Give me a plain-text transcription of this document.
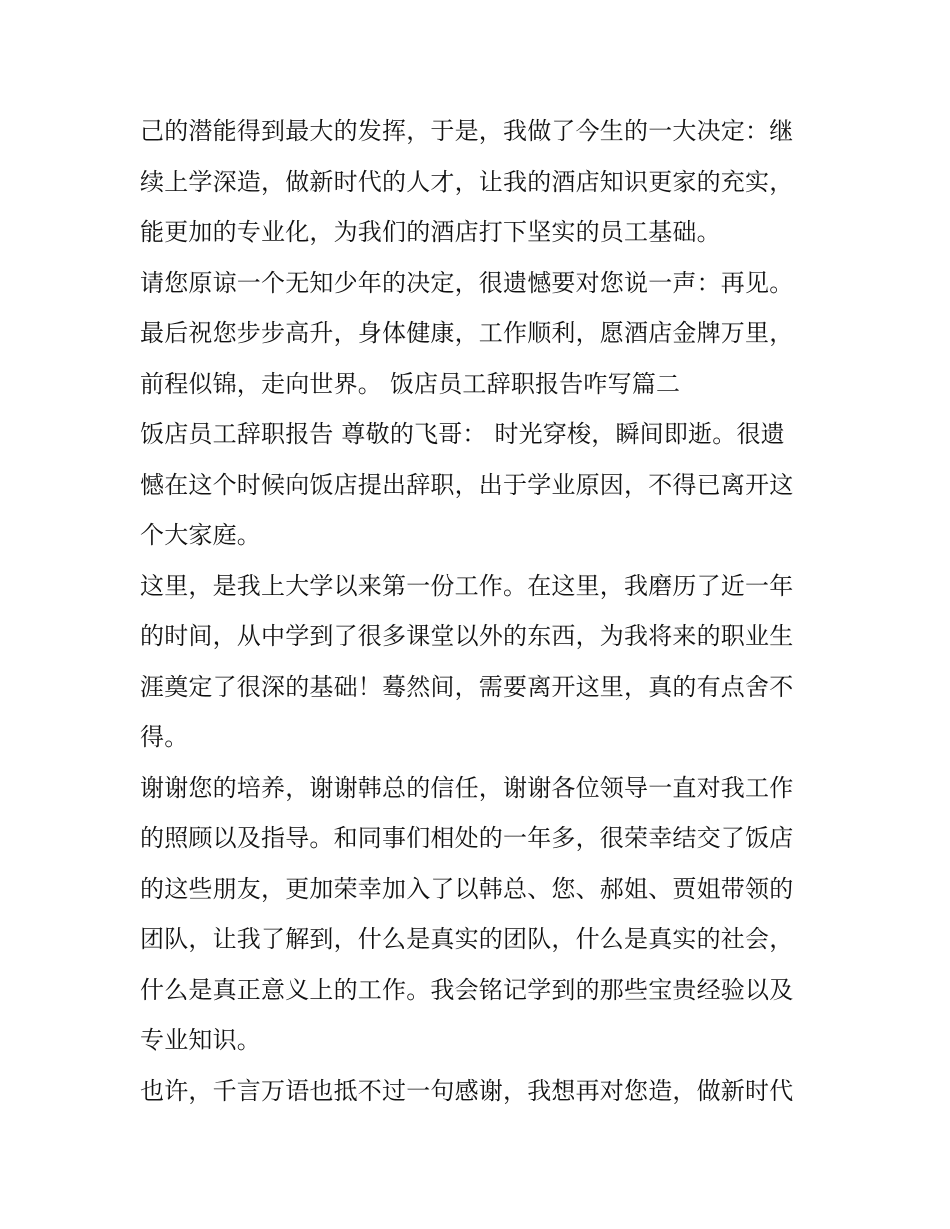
己的潜能得到最大的发挥，于是，我做了今生的一大决定：继
续上学深造，做新时代的人才，让我的酒店知识更家的充实，
能更加的专业化，为我们的酒店打下坚实的员工基础。
请您原谅一个无知少年的决定，很遗憾要对您说一声：再见。
最后祝您步步高升，身体健康，工作顺利，愿酒店金牌万里，
前程似锦，走向世界。 饭店员工辞职报告咋写篇二
饭店员工辞职报告 尊敬的飞哥： 时光穿梭，瞬间即逝。很遗
憾在这个时候向饭店提出辞职，出于学业原因，不得已离开这
个大家庭。
这里，是我上大学以来第一份工作。在这里，我磨历了近一年
的时间，从中学到了很多课堂以外的东西，为我将来的职业生
涯奠定了很深的基础！蓦然间，需要离开这里，真的有点舍不
得。
谢谢您的培养，谢谢韩总的信任，谢谢各位领导一直对我工作
的照顾以及指导。和同事们相处的一年多，很荣幸结交了饭店
的这些朋友，更加荣幸加入了以韩总、您、郝姐、贾姐带领的
团队，让我了解到，什么是真实的团队，什么是真实的社会，
什么是真正意义上的工作。我会铭记学到的那些宝贵经验以及
专业知识。
也许，千言万语也抵不过一句感谢，我想再对您造，做新时代
